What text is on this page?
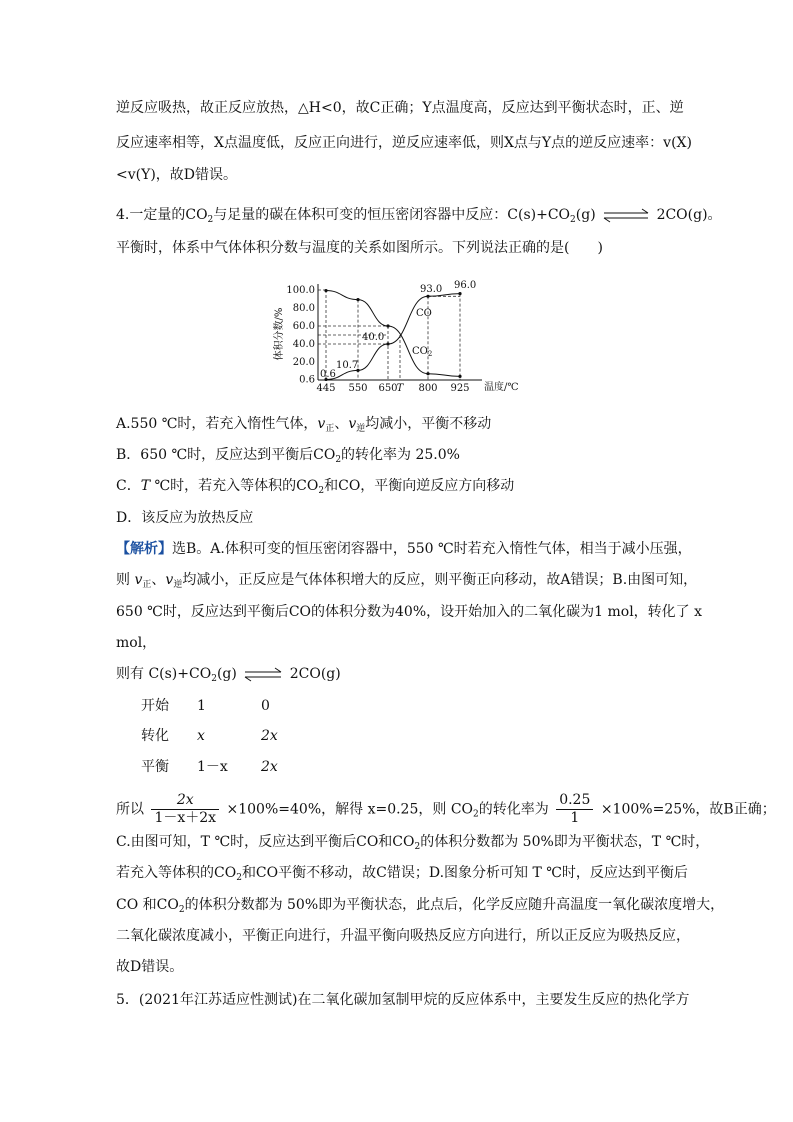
逆反应吸热，故正反应放热，△H<0，故C正确；Y点温度高，反应达到平衡状态时，正、逆
反应速率相等，X点温度低，反应正向进行，逆反应速率低，则X点与Y点的逆反应速率：v(X)
<v(Y)，故D错误。
4.一定量的$CO_2$与足量的碳在体积可变的恒压密闭容器中反应：$C(s)+CO_2(g)$ ⇌ 2CO(g)。
平衡时，体系中气体体积分数与温度的关系如图所示。下列说法正确的是(　　)
100.0
80.0
60.0
40.0
20.0
0.6
445 550 650 T 800 925
0.6
10.7
40.0
93.0 96.0
体积分数/%
温度/℃
CO
$CO_2$
A.550 ℃时，若充入惰性气体，$v_正$、$v_逆$均减小，平衡不移动
B．650 ℃时，反应达到平衡后$CO_2$的转化率为 25.0%
C．T ℃时，若充入等体积的$CO_2$和CO，平衡向逆反应方向移动
D．该反应为放热反应
【解析】选B。A.体积可变的恒压密闭容器中，550 ℃时若充入惰性气体，相当于减小压强，
则 $v_正$、$v_逆$均减小，正反应是气体体积增大的反应，则平衡正向移动，故A错误；B.由图可知，
650 ℃时，反应达到平衡后CO的体积分数为40%，设开始加入的二氧化碳为1 mol，转化了 x
mol，
则有 $C(s)+CO_2(g)$ ⇌ 2CO(g)
开始 1	0
转化 x	2x
平衡 1－x 2x
所以 $\frac{2x}{1-x+2x} \times 100\%=40\%$，解得 x=0.25，则 $CO_2$的转化率为 $\frac{0.25}{1} \times 100\%=25\%$，故B正确；
C.由图可知，T ℃时，反应达到平衡后CO和$CO_2$的体积分数都为 50%即为平衡状态，T ℃时，
若充入等体积的$CO_2$和CO平衡不移动，故C错误；D.图象分析可知 T ℃时，反应达到平衡后
CO 和$CO_2$的体积分数都为 50%即为平衡状态，此点后，化学反应随升高温度一氧化碳浓度增大，
二氧化碳浓度减小，平衡正向进行，升温平衡向吸热反应方向进行，所以正反应为吸热反应，
故D错误。
5．(2021年江苏适应性测试)在二氧化碳加氢制甲烷的反应体系中，主要发生反应的热化学方
